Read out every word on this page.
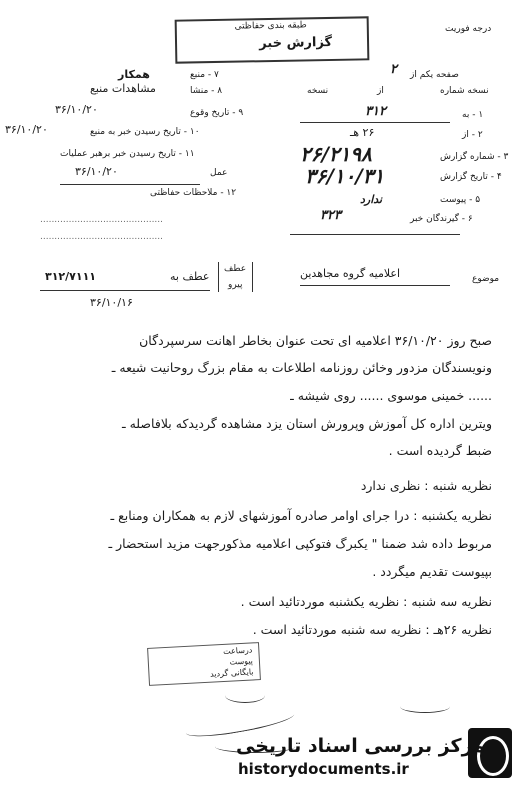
درجه فوریت
طبقه بندی حفاظتی
گزارش خبر
صفحه یکم از
نسخه شماره
از
نسخه
۲
همکار	۷ - منبع
۸ - منشا
مشاهدات منبع
۹ - تاریخ وقوع
۳۶/۱۰/۲۰
۱۰ - تاریخ رسیدن خبر به منبع
۳۶/۱۰/۲۰
۱۱ - تاریخ رسیدن خبر برهبر عملیات
عمل
۳۶/۱۰/۲۰
۱۲ - ملاحظات حفاظتی
...........................................
...........................................
۱ - به
۳۱۲
۲ - از
۲۶ هـ
۳ - شماره گزارش
۲۶/۲۱۹۸
۴ - تاریخ گزارش
۳۶/۱۰/۳۱
۵ - پیوست
ندارد
۶ - گیرندگان خبر
۳۲۳
موضوع
اعلامیه گروه مجاهدین
عطف
پیرو
عطف به
۳۱۲/۷۱۱۱
۳۶/۱۰/۱۶
صبح روز ۳۶/۱۰/۲۰ اعلامیه ای تحت عنوان بخاطر اهانت سرسپردگان
ونویسندگان مزدور وخائن روزنامه اطلاعات به مقام بزرگ روحانیت شیعه ـ
...... خمینی موسوی ...... روی شیشه ـ
ویترین اداره کل آموزش وپرورش استان یزد مشاهده گردیدکه بلافاصله ـ
ضبط گردیده است .
نظریه شنبه : نظری ندارد
نظریه یکشنبه : درا جرای اوامر صادره آموزشهای لازم به همکاران ومنابع ـ
مربوط داده شد ضمنا " یکبرگ فتوکپی اعلامیه مذکورجهت مزید استحضار ـ
بپیوست تقدیم میگردد .
نظریه سه شنبه : نظریه یکشنبه موردتائید است .
نظریه ۲۶هـ : نظریه سه شنبه موردتائید است .
درساعت
پیوست
بایگانی گردید
مرکز بررسی اسناد تاریخی
historydocuments.ir
